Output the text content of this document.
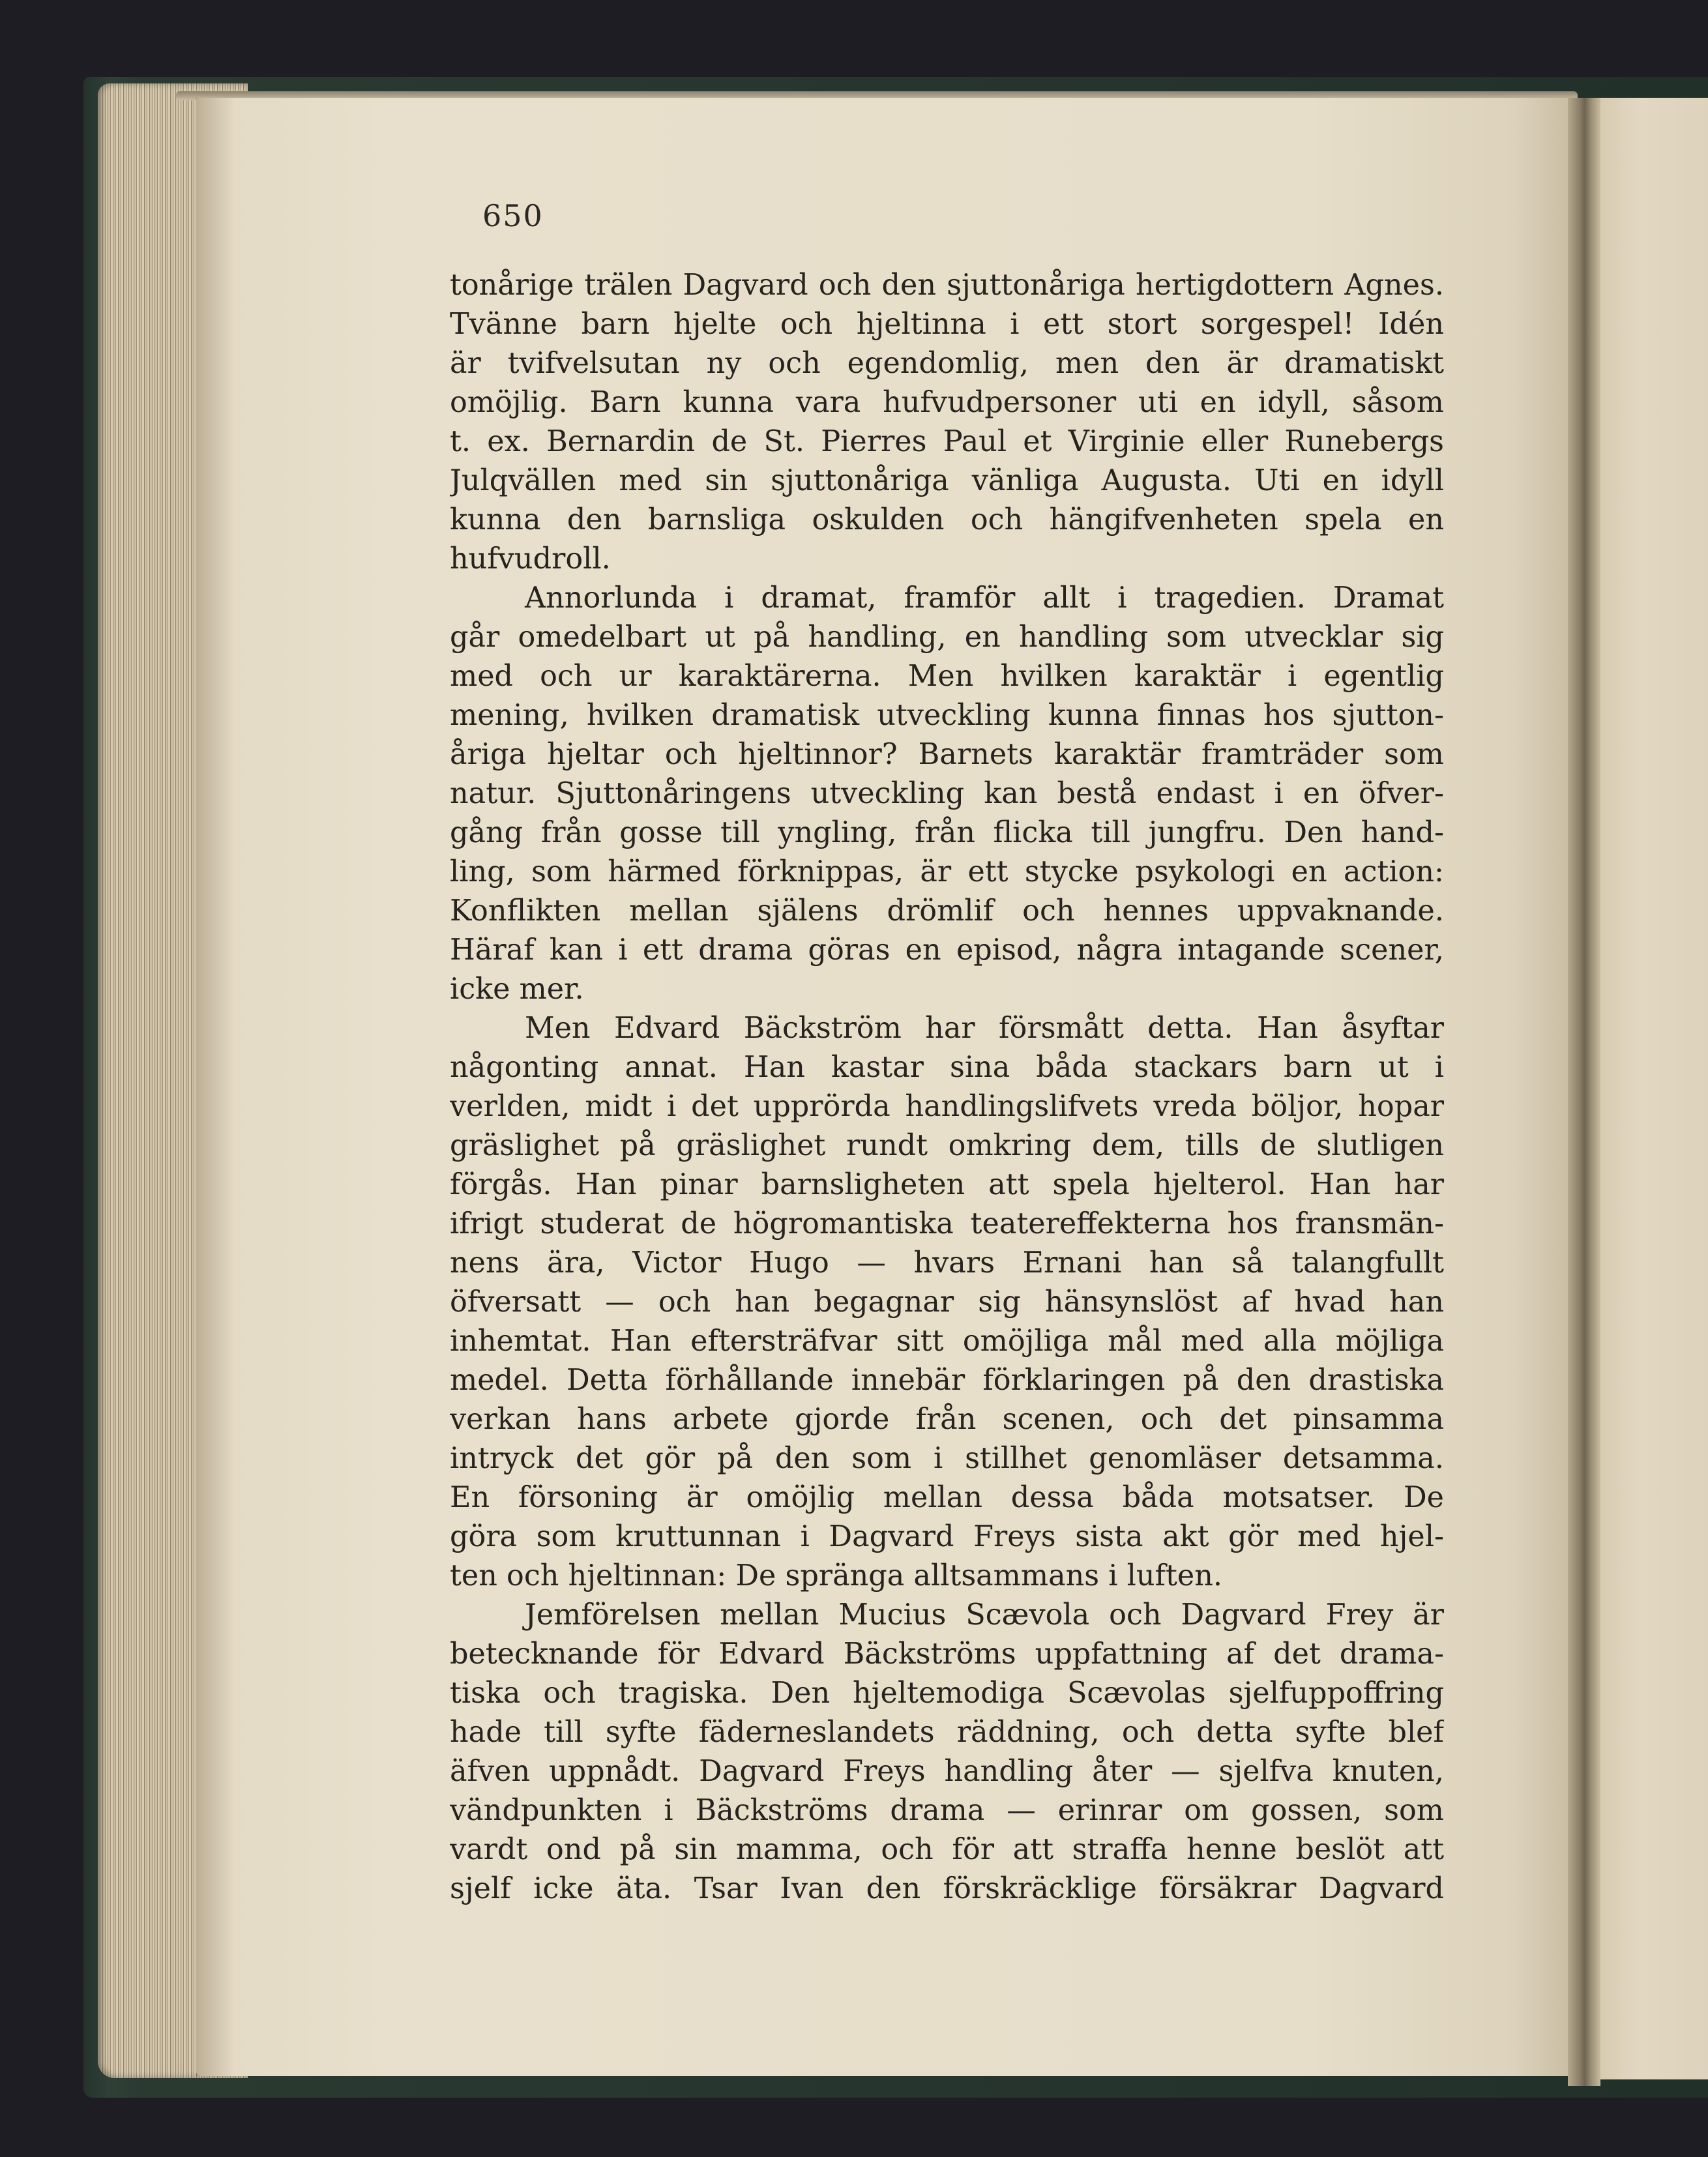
650
tonårige trälen Dagvard och den sjuttonåriga hertigdottern Agnes.
Tvänne barn hjelte och hjeltinna i ett stort sorgespel! Idén
är tvifvelsutan ny och egendomlig, men den är dramatiskt
omöjlig. Barn kunna vara hufvudpersoner uti en idyll, såsom
t. ex. Bernardin de St. Pierres Paul et Virginie eller Runebergs
Julqvällen med sin sjuttonåriga vänliga Augusta. Uti en idyll
kunna den barnsliga oskulden och hängifvenheten spela en
hufvudroll.
Annorlunda i dramat, framför allt i tragedien. Dramat
går omedelbart ut på handling, en handling som utvecklar sig
med och ur karaktärerna. Men hvilken karaktär i egentlig
mening, hvilken dramatisk utveckling kunna finnas hos sjutton-
åriga hjeltar och hjeltinnor? Barnets karaktär framträder som
natur. Sjuttonåringens utveckling kan bestå endast i en öfver-
gång från gosse till yngling, från flicka till jungfru. Den hand-
ling, som härmed förknippas, är ett stycke psykologi en action:
Konflikten mellan själens drömlif och hennes uppvaknande.
Häraf kan i ett drama göras en episod, några intagande scener,
icke mer.
Men Edvard Bäckström har försmått detta. Han åsyftar
någonting annat. Han kastar sina båda stackars barn ut i
verlden, midt i det upprörda handlingslifvets vreda böljor, hopar
gräslighet på gräslighet rundt omkring dem, tills de slutligen
förgås. Han pinar barnsligheten att spela hjelterol. Han har
ifrigt studerat de högromantiska teatereffekterna hos fransmän-
nens ära, Victor Hugo — hvars Ernani han så talangfullt
öfversatt — och han begagnar sig hänsynslöst af hvad han
inhemtat. Han eftersträfvar sitt omöjliga mål med alla möjliga
medel. Detta förhållande innebär förklaringen på den drastiska
verkan hans arbete gjorde från scenen, och det pinsamma
intryck det gör på den som i stillhet genomläser detsamma.
En försoning är omöjlig mellan dessa båda motsatser. De
göra som kruttunnan i Dagvard Freys sista akt gör med hjel-
ten och hjeltinnan: De spränga alltsammans i luften.
Jemförelsen mellan Mucius Scævola och Dagvard Frey är
betecknande för Edvard Bäckströms uppfattning af det drama-
tiska och tragiska. Den hjeltemodiga Scævolas sjelfuppoffring
hade till syfte fäderneslandets räddning, och detta syfte blef
äfven uppnådt. Dagvard Freys handling åter — sjelfva knuten,
vändpunkten i Bäckströms drama — erinrar om gossen, som
vardt ond på sin mamma, och för att straffa henne beslöt att
sjelf icke äta. Tsar Ivan den förskräcklige försäkrar Dagvard
